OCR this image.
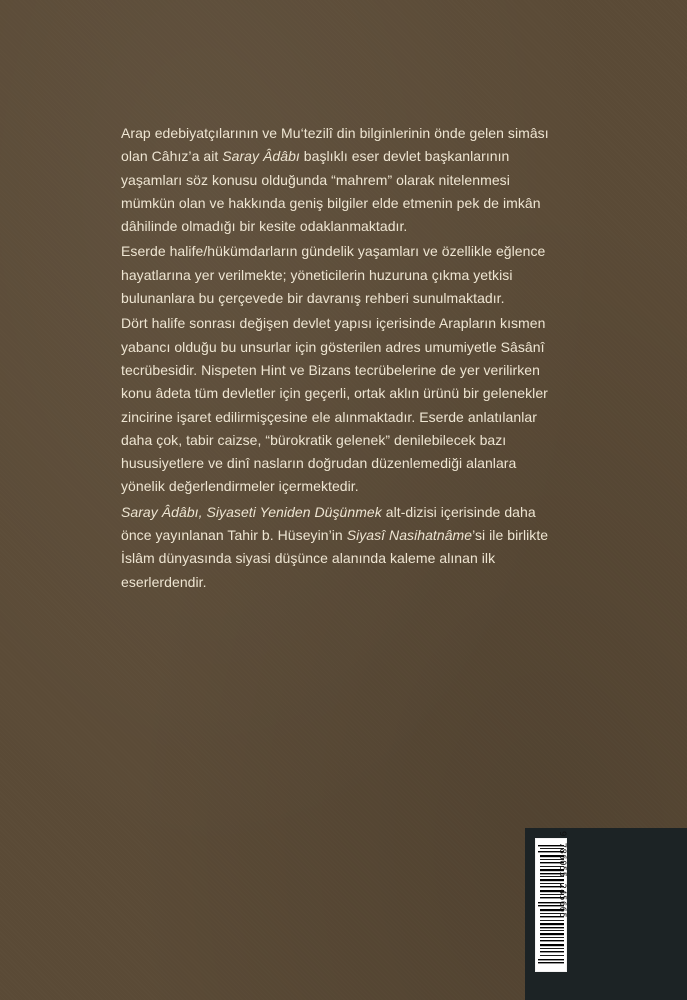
Arap edebiyatçılarının ve Mu‘tezilî din bilginlerinin önde gelen simâsı olan Câhız’a ait Saray Âdâbı başlıklı eser devlet başkanlarının yaşamları söz konusu olduğunda “mahrem” olarak nitelenmesi mümkün olan ve hakkında geniş bilgiler elde etmenin pek de imkân dâhilinde olmadığı bir kesite odaklanmaktadır.

Eserde halife/hükümdarların gündelik yaşamları ve özellikle eğlence hayatlarına yer verilmekte; yöneticilerin huzuruna çıkma yetkisi bulunanlara bu çerçevede bir davranış rehberi sunulmaktadır.

Dört halife sonrası değişen devlet yapısı içerisinde Arapların kısmen yabancı olduğu bu unsurlar için gösterilen adres umumiyetle Sâsânî tecrübesidir. Nispeten Hint ve Bizans tecrübelerine de yer verilirken konu âdeta tüm devletler için geçerli, ortak aklın ürünü bir gelenekler zincirine işaret edilirmişçesine ele alınmaktadır. Eserde anlatılanlar daha çok, tabir caizse, “bürokratik gelenek” denilebilecek bazı hususiyetlere ve dinî nasların doğrudan düzenlemediği alanlara yönelik değerlendirmeler içermektedir.

Saray Âdâbı, Siyaseti Yeniden Düşünmek alt-dizisi içerisinde daha önce yayınlanan Tahir b. Hüseyin’in Siyasî Nasihatnâme’si ile birlikte İslâm dünyasında siyasi düşünce alanında kaleme alınan ilk eserlerdendir.

9 786055 245665
